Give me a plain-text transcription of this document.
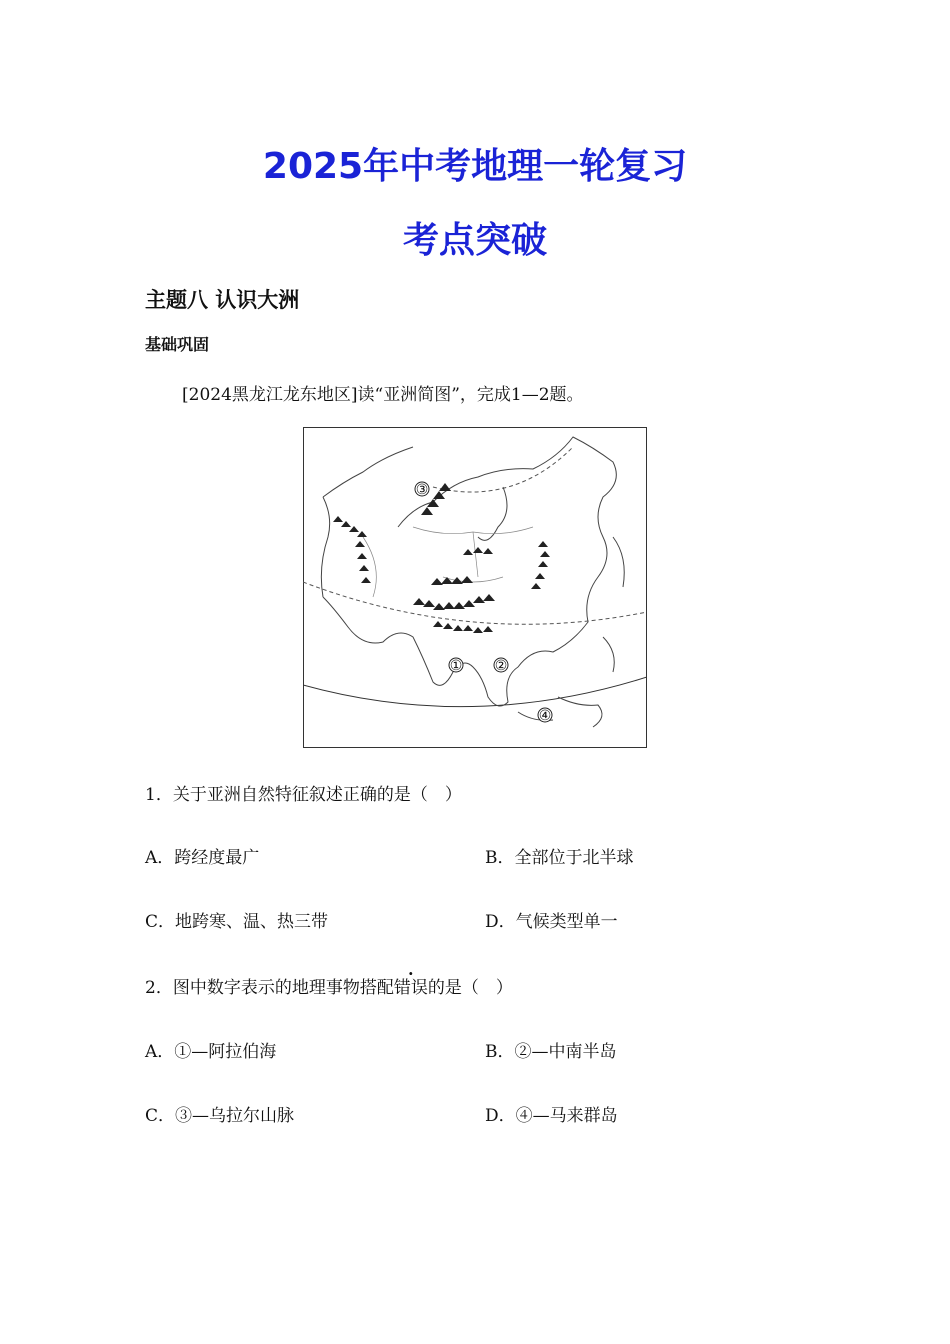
2025年中考地理一轮复习
考点突破
主题八 认识大洲
基础巩固
[2024黑龙江龙东地区]读“亚洲简图”，完成1—2题。
① ②
③
④
1．关于亚洲自然特征叙述正确的是（　）
A．跨经度最广	B．全部位于北半球
C．地跨寒、温、热三带	D．气候类型单一
2．图中数字表示的地理事物搭配错误的是（　）
A．①—阿拉伯海	B．②—中南半岛
C．③—乌拉尔山脉	D．④—马来群岛
